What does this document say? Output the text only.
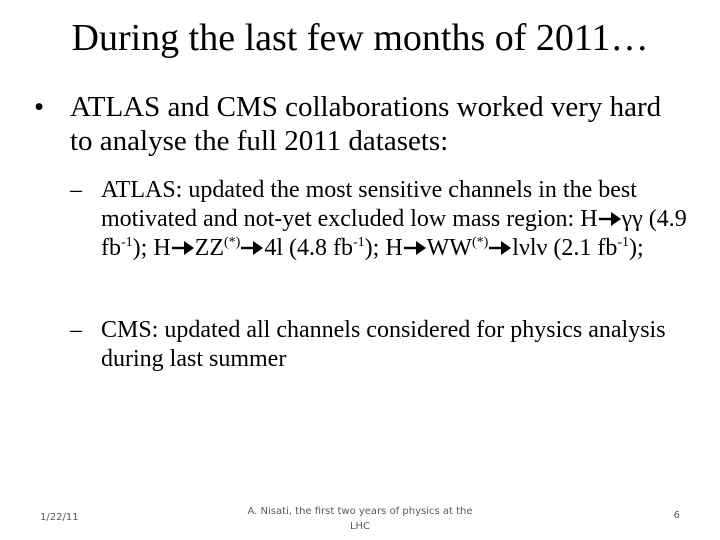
During the last few months of 2011…
• ATLAS and CMS collaborations worked very hard to analyse the full 2011 datasets:
– ATLAS: updated the most sensitive channels in the best motivated and not-yet excluded low mass region: H γγ (4.9 $fb^{-1}$); H ZZ(*) 4l (4.8 $fb^{-1}$); H WW(*) lνlν (2.1 $fb^{-1}$);
– CMS: updated all channels considered for physics analysis during last summer
1/22/11
A. Nisati, the first two years of physics at the LHC
6
